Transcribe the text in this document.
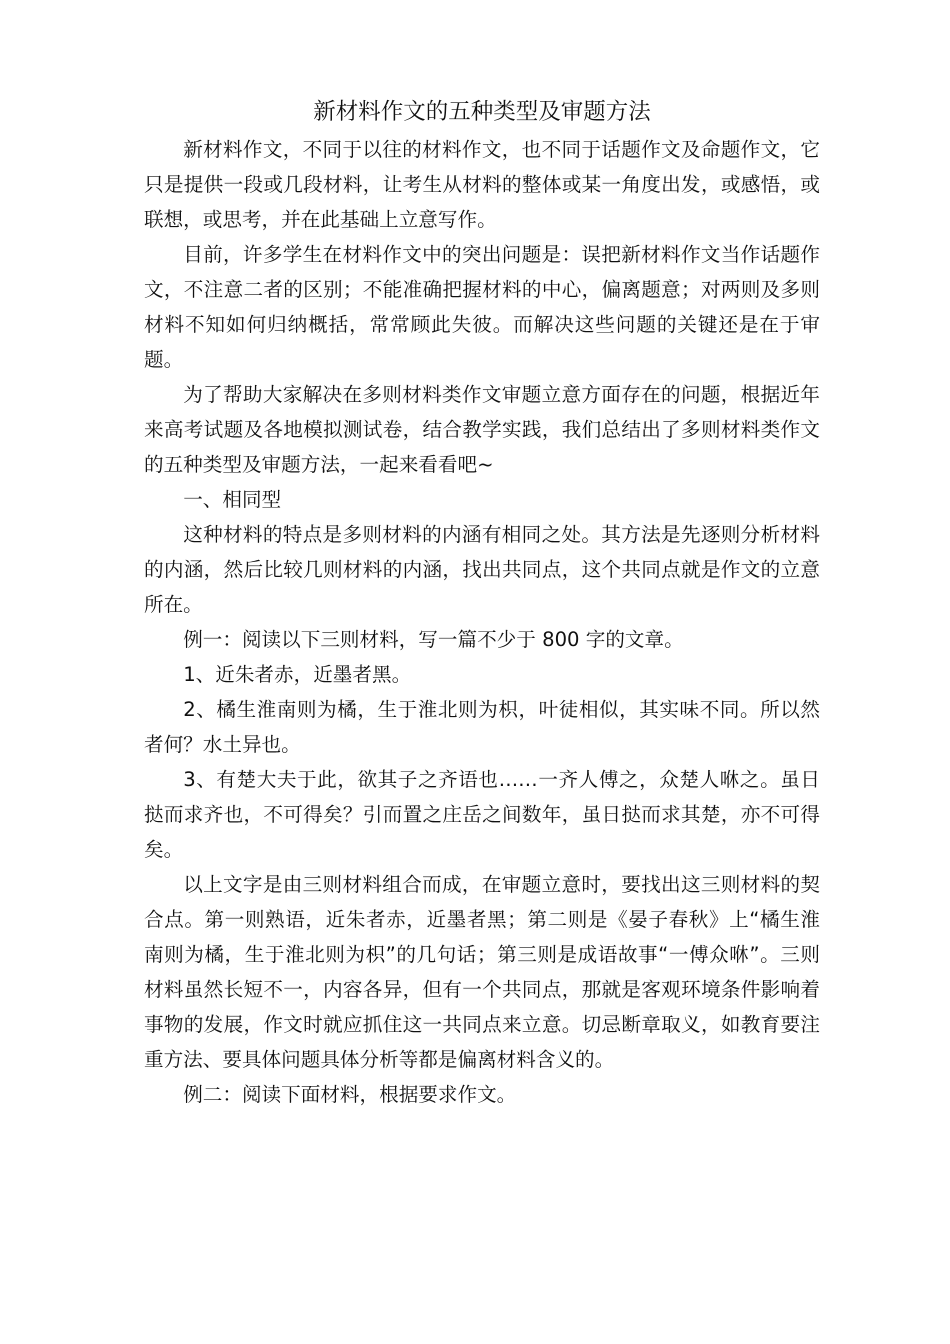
新材料作文的五种类型及审题方法

新材料作文，不同于以往的材料作文，也不同于话题作文及命题作文，它只是提供一段或几段材料，让考生从材料的整体或某一角度出发，或感悟，或联想，或思考，并在此基础上立意写作。

目前，许多学生在材料作文中的突出问题是：误把新材料作文当作话题作文，不注意二者的区别；不能准确把握材料的中心，偏离题意；对两则及多则材料不知如何归纳概括，常常顾此失彼。而解决这些问题的关键还是在于审题。

为了帮助大家解决在多则材料类作文审题立意方面存在的问题，根据近年来高考试题及各地模拟测试卷，结合教学实践，我们总结出了多则材料类作文的五种类型及审题方法，一起来看看吧~

一、相同型

这种材料的特点是多则材料的内涵有相同之处。其方法是先逐则分析材料的内涵，然后比较几则材料的内涵，找出共同点，这个共同点就是作文的立意所在。

例一：阅读以下三则材料，写一篇不少于 800 字的文章。

1、近朱者赤，近墨者黑。

2、橘生淮南则为橘，生于淮北则为枳，叶徒相似，其实味不同。所以然者何？水土异也。

3、有楚大夫于此，欲其子之齐语也……一齐人傅之，众楚人咻之。虽日挞而求齐也，不可得矣？引而置之庄岳之间数年，虽日挞而求其楚，亦不可得矣。

以上文字是由三则材料组合而成，在审题立意时，要找出这三则材料的契合点。第一则熟语，近朱者赤，近墨者黑；第二则是《晏子春秋》上“橘生淮南则为橘，生于淮北则为枳”的几句话；第三则是成语故事“一傅众咻”。三则材料虽然长短不一，内容各异，但有一个共同点，那就是客观环境条件影响着事物的发展，作文时就应抓住这一共同点来立意。切忌断章取义，如教育要注重方法、要具体问题具体分析等都是偏离材料含义的。

例二：阅读下面材料，根据要求作文。
